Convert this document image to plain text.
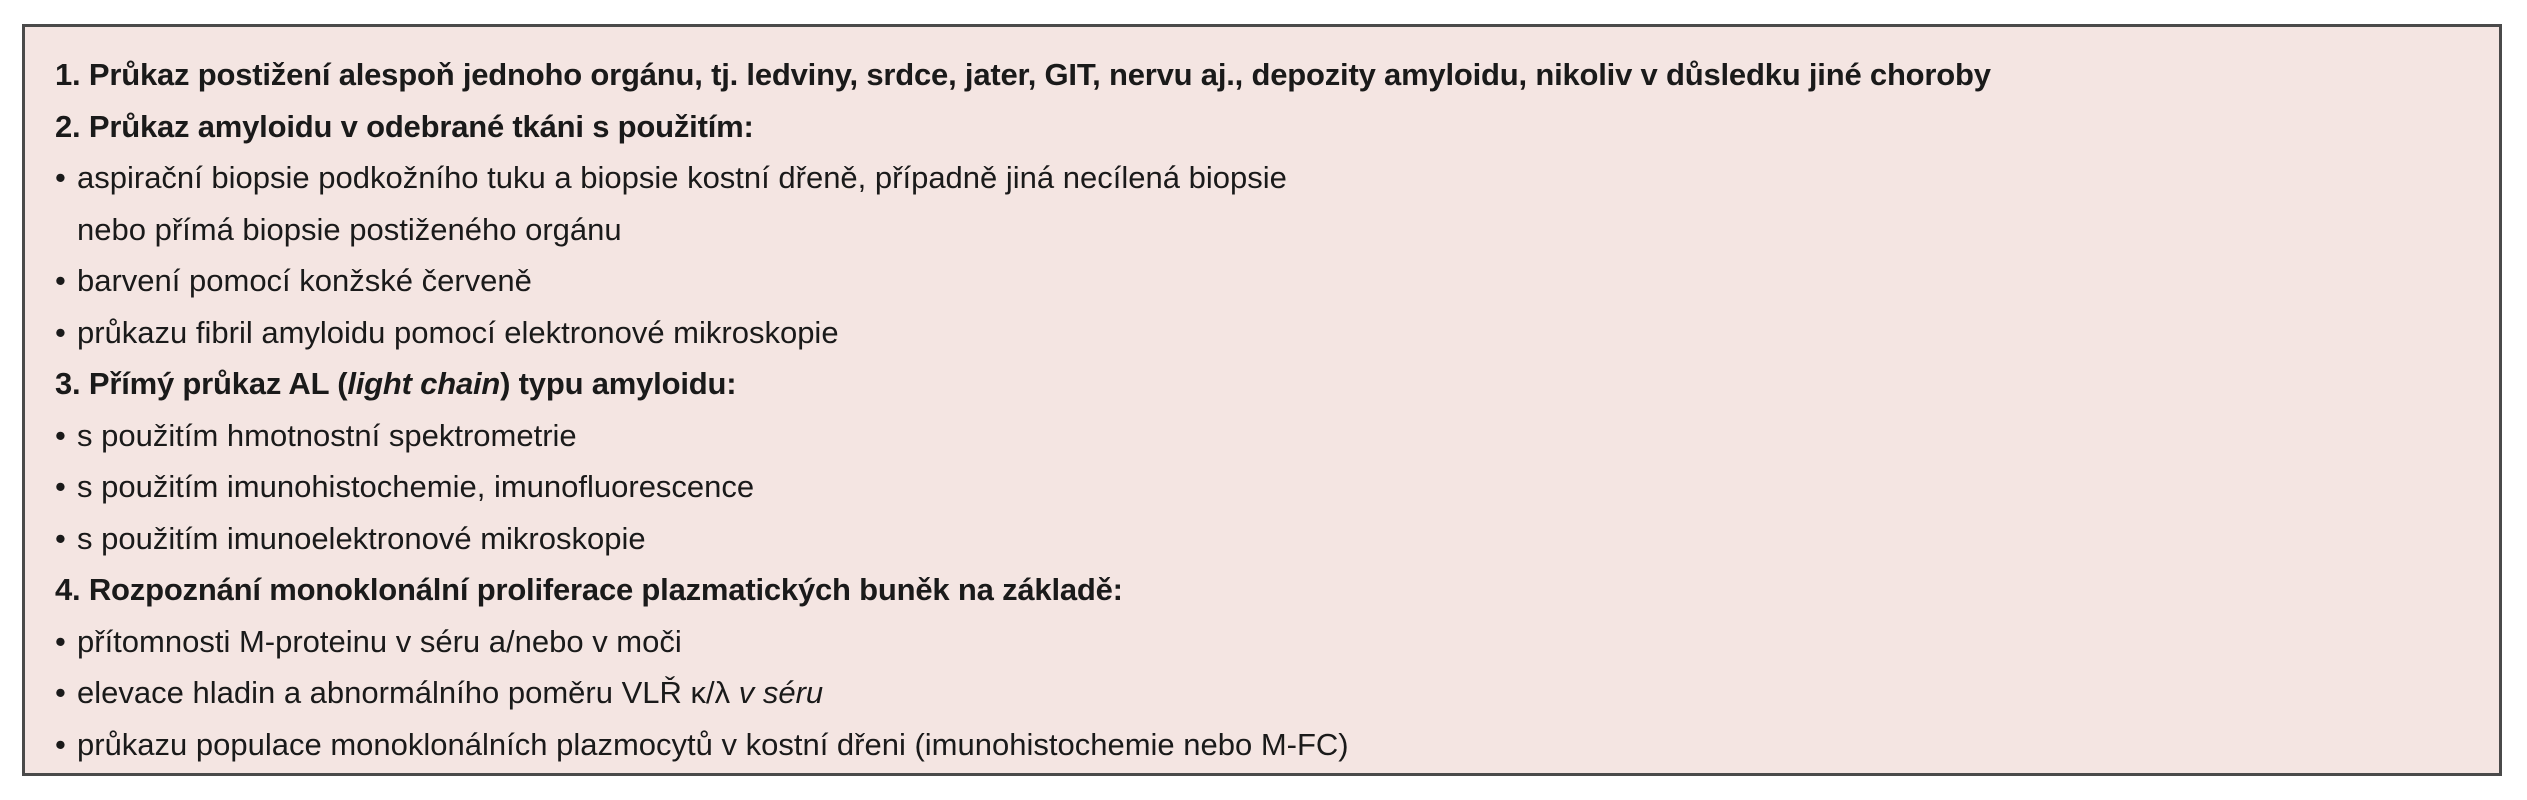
1. Průkaz postižení alespoň jednoho orgánu, tj. ledviny, srdce, jater, GIT, nervu aj., depozity amyloidu, nikoliv v důsledku jiné choroby
2. Průkaz amyloidu v odebrané tkáni s použitím:
• aspirační biopsie podkožního tuku a biopsie kostní dřeně, případně jiná necílená biopsie
nebo přímá biopsie postiženého orgánu
• barvení pomocí konžské červeně
• průkazu fibril amyloidu pomocí elektronové mikroskopie
3. Přímý průkaz AL (light chain) typu amyloidu:
• s použitím hmotnostní spektrometrie
• s použitím imunohistochemie, imunofluorescence
• s použitím imunoelektronové mikroskopie
4. Rozpoznání monoklonální proliferace plazmatických buněk na základě:
• přítomnosti M-proteinu v séru a/nebo v moči
• elevace hladin a abnormálního poměru VLŘ κ/λ v séru
• průkazu populace monoklonálních plazmocytů v kostní dřeni (imunohistochemie nebo M-FC)
